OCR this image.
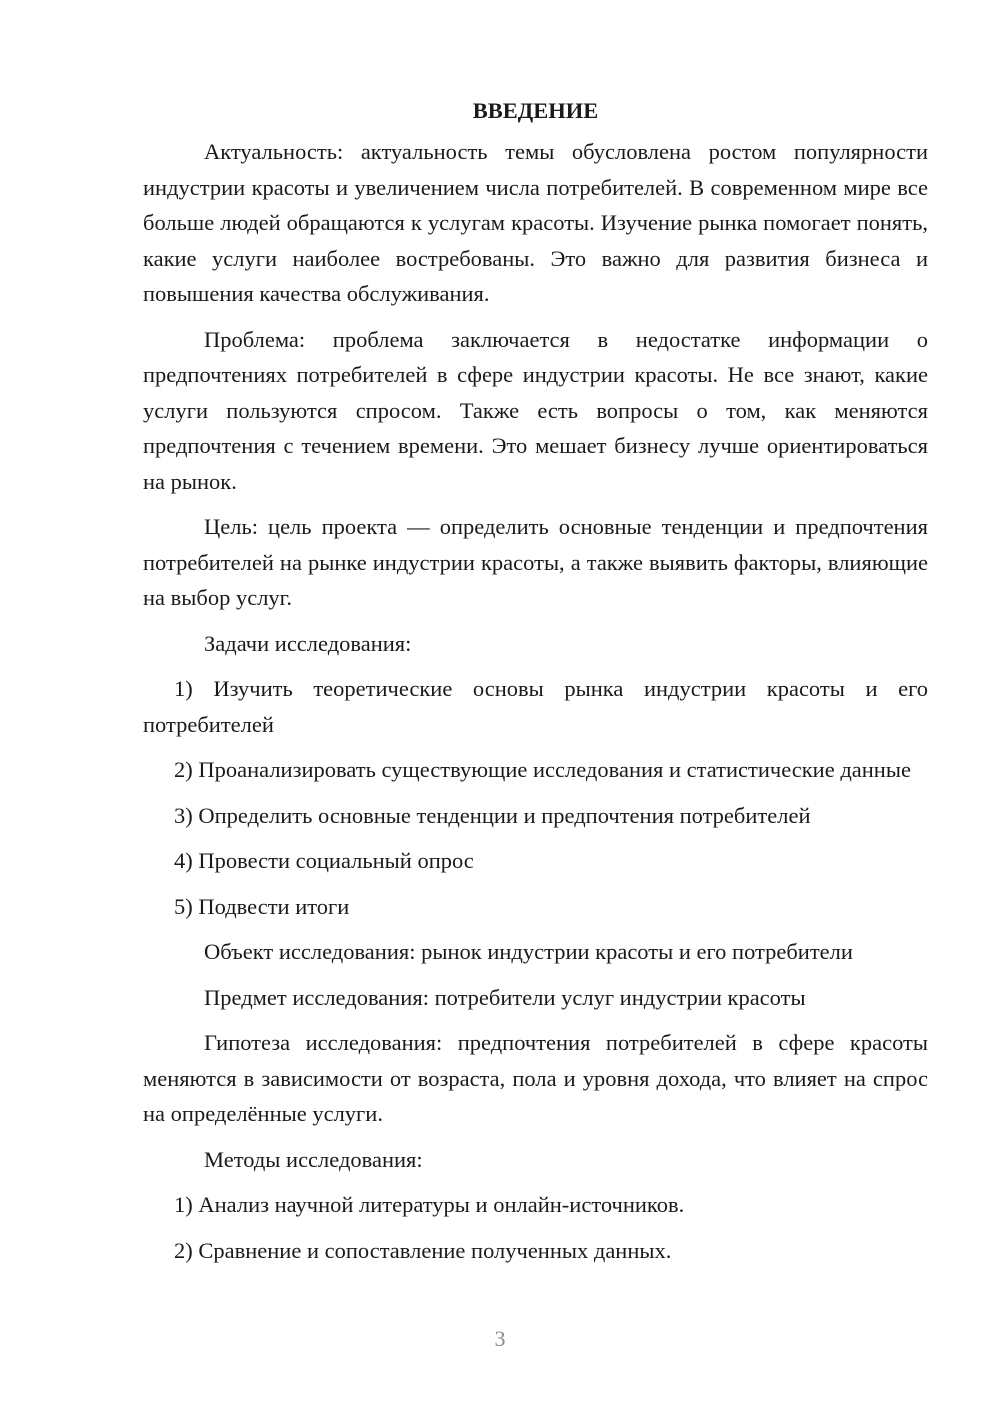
ВВЕДЕНИЕ

Актуальность: актуальность темы обусловлена ростом популярности индустрии красоты и увеличением числа потребителей. В современном мире все больше людей обращаются к услугам красоты. Изучение рынка помогает понять, какие услуги наиболее востребованы. Это важно для развития бизнеса и повышения качества обслуживания.

Проблема: проблема заключается в недостатке информации о предпочтениях потребителей в сфере индустрии красоты. Не все знают, какие услуги пользуются спросом. Также есть вопросы о том, как меняются предпочтения с течением времени. Это мешает бизнесу лучше ориентироваться на рынок.

Цель: цель проекта — определить основные тенденции и предпочтения потребителей на рынке индустрии красоты, а также выявить факторы, влияющие на выбор услуг.

Задачи исследования:

1) Изучить теоретические основы рынка индустрии красоты и его потребителей

2) Проанализировать существующие исследования и статистические данные

3) Определить основные тенденции и предпочтения потребителей

4) Провести социальный опрос

5) Подвести итоги

Объект исследования: рынок индустрии красоты и его потребители

Предмет исследования: потребители услуг индустрии красоты

Гипотеза исследования: предпочтения потребителей в сфере красоты меняются в зависимости от возраста, пола и уровня дохода, что влияет на спрос на определённые услуги.

Методы исследования:

1) Анализ научной литературы и онлайн-источников.

2) Сравнение и сопоставление полученных данных.

3
